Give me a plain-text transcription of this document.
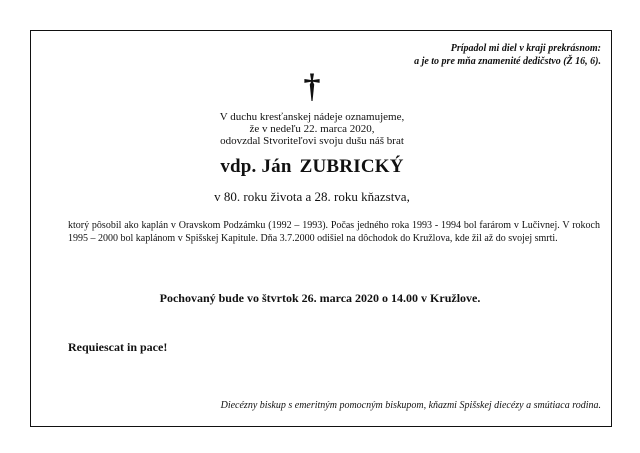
Prípadol mi diel v kraji prekrásnom:
a je to pre mňa znamenité dedičstvo (Ž 16, 6).
†
V duchu kresťanskej nádeje oznamujeme,
že v nedeľu 22. marca 2020,
odovzdal Stvoriteľovi svoju dušu náš brat
vdp. Ján ZUBRICKÝ
v 80. roku života a 28. roku kňazstva,
ktorý pôsobil ako kaplán v Oravskom Podzámku (1992 – 1993). Počas jedného roka 1993 - 1994 bol farárom v Lučivnej. V rokoch 1995 – 2000 bol kaplánom v Spišskej Kapitule. Dňa 3.7.2000 odišiel na dôchodok do Kružlova, kde žil až do svojej smrti.
Pochovaný bude vo štvrtok 26. marca 2020 o 14.00 v Kružlove.
Requiescat in pace!
Diecézny biskup s emeritným pomocným biskupom, kňazmi Spišskej diecézy a smútiaca rodina.
